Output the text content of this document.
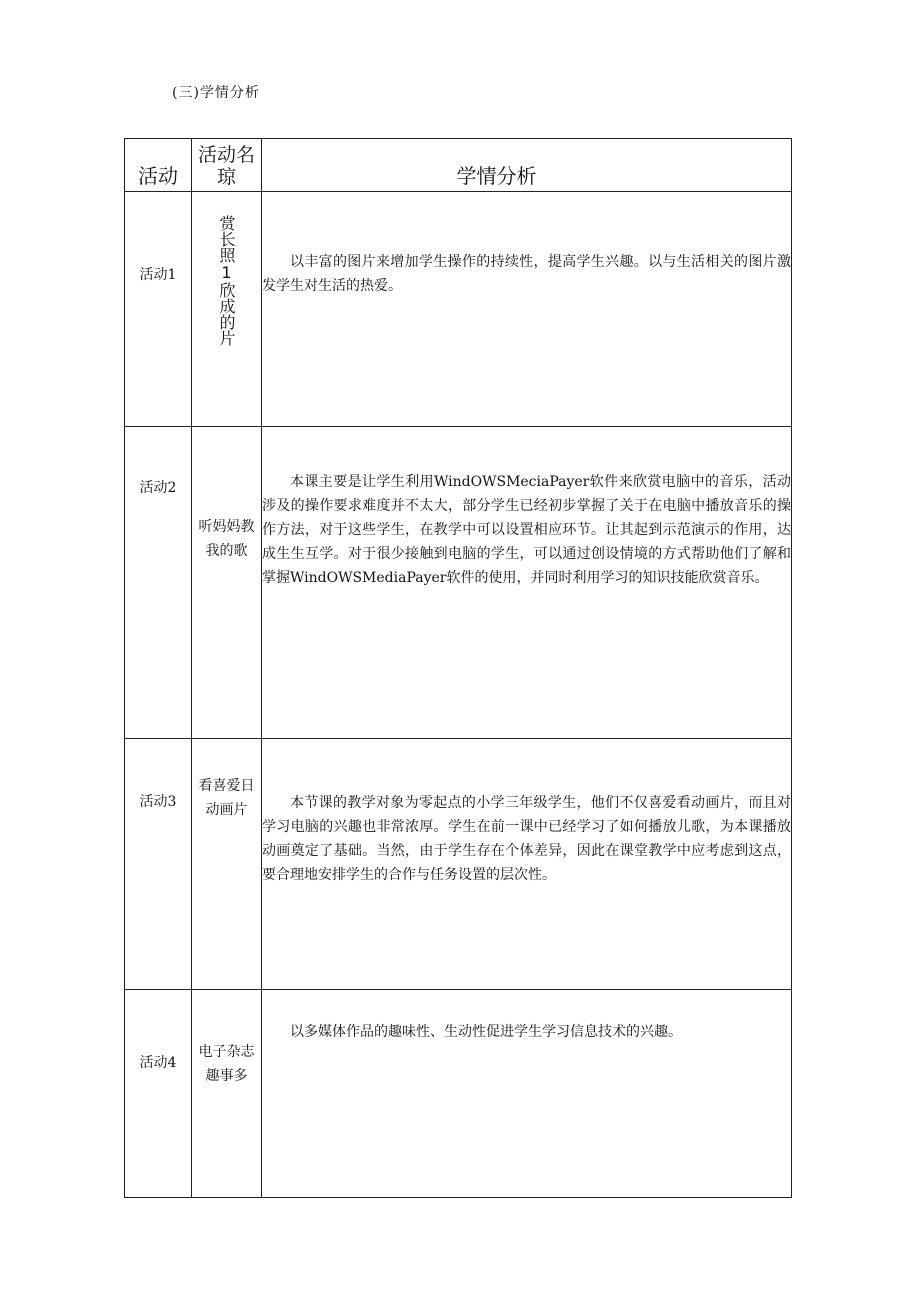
(三)学情分析
活动	活动名琼	学情分析
活动1	赏长照1欣成的片	以丰富的图片来增加学生操作的持续性，提高学生兴趣。以与生活相关的图片激发学生对生活的热爱。

活动2	听妈妈教我的歌	本课主要是让学生利用WindOWSMeciaPayer软件来欣赏电脑中的音乐，活动涉及的操作要求难度并不太大，部分学生已经初步掌握了关于在电脑中播放音乐的操作方法，对于这些学生，在教学中可以设置相应环节。让其起到示范演示的作用，达成生生互学。对于很少接触到电脑的学生，可以通过创设情境的方式帮助他们了解和掌握WindOWSMediaPayer软件的使用，并同时利用学习的知识技能欣赏音乐。

活动3	看喜爱日动画片	本节课的教学对象为零起点的小学三年级学生，他们不仅喜爱看动画片，而且对学习电脑的兴趣也非常浓厚。学生在前一课中已经学习了如何播放儿歌，为本课播放动画奠定了基础。当然，由于学生存在个体差异，因此在课堂教学中应考虑到这点，要合理地安排学生的合作与任务设置的层次性。

活动4	电子杂志趣事多	以多媒体作品的趣味性、生动性促进学生学习信息技术的兴趣。
